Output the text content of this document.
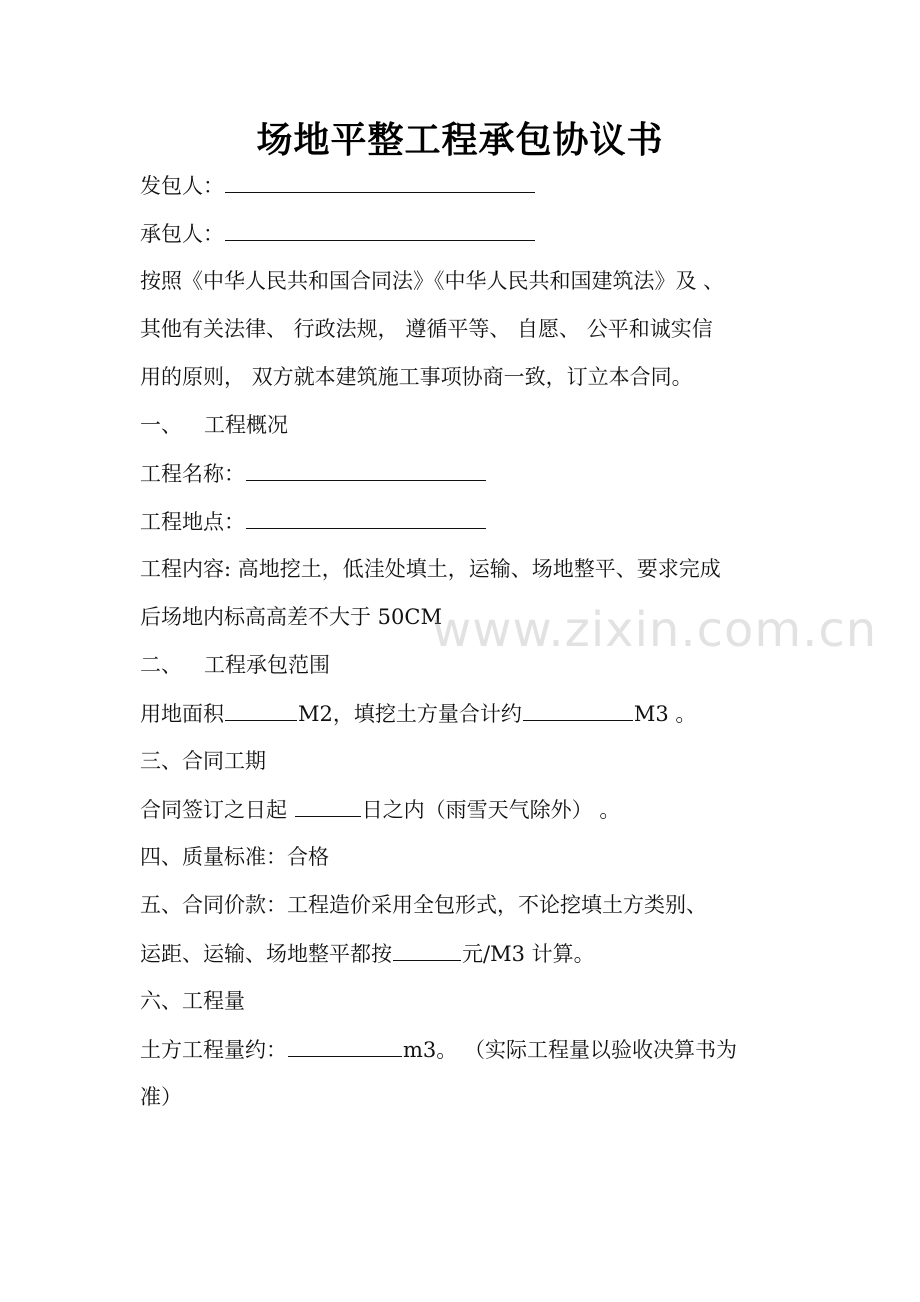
场地平整工程承包协议书
发包人：
承包人：
按照《中华人民共和国合同法》《中华人民共和国建筑法》及 、
其他有关法律、 行政法规， 遵循平等、 自愿、 公平和诚实信
用的原则， 双方就本建筑施工事项协商一致，订立本合同。
一、 工程概况
工程名称：
工程地点：
工程内容: 高地挖土，低洼处填土，运输、场地整平、要求完成
后场地内标高高差不大于 50CM
二、 工程承包范围
用地面积	M2，填挖土方量合计约	M3 。
三、合同工期
合同签订之日起	日之内（雨雪天气除外） 。
四、质量标准：合格
五、合同价款：工程造价采用全包形式，不论挖填土方类别、
运距、运输、场地整平都按	元/M3 计算。
六、工程量
土方工程量约：	m3。 （实际工程量以验收决算书为
准）
www.zixin.com.cn
